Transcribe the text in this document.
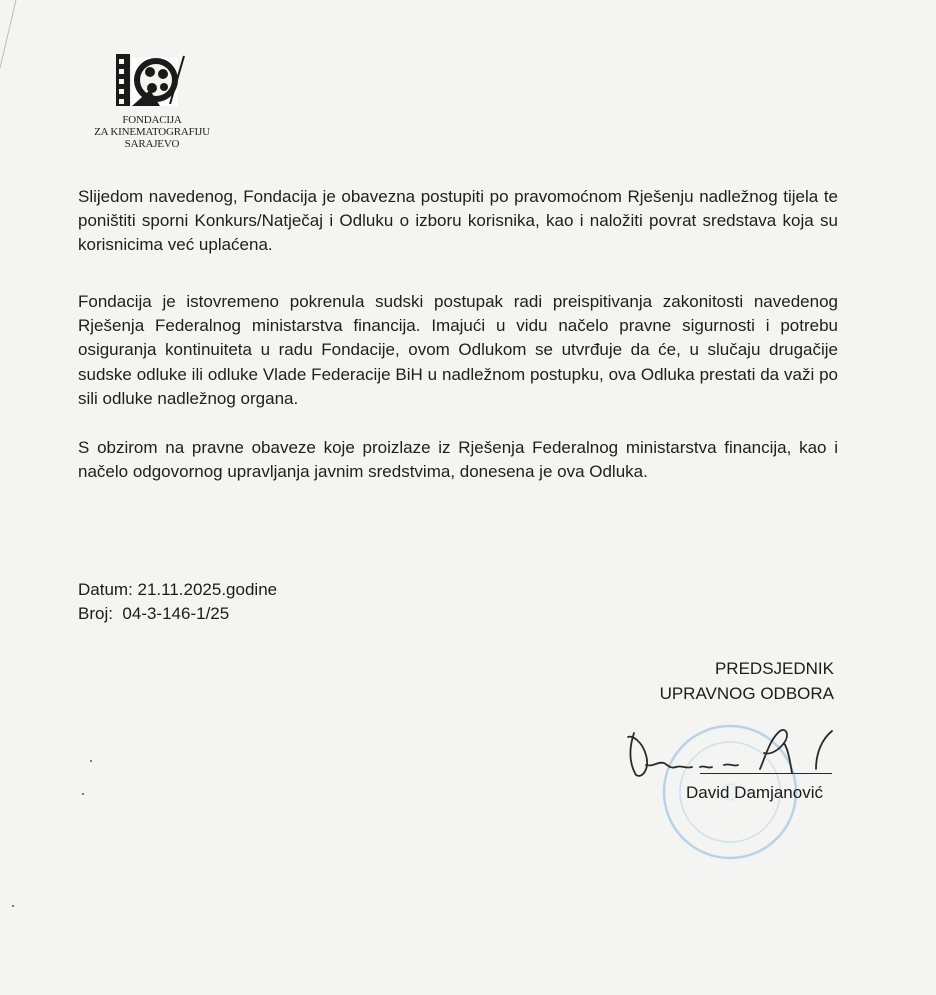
FONDACIJA
ZA KINEMATOGRAFIJU
SARAJEVO
Slijedom navedenog, Fondacija je obavezna postupiti po pravomoćnom Rješenju nadležnog tijela te poništiti sporni Konkurs/Natječaj i Odluku o izboru korisnika, kao i naložiti povrat sredstava koja su korisnicima već uplaćena.
Fondacija je istovremeno pokrenula sudski postupak radi preispitivanja zakonitosti navedenog Rješenja Federalnog ministarstva financija. Imajući u vidu načelo pravne sigurnosti i potrebu osiguranja kontinuiteta u radu Fondacije, ovom Odlukom se utvrđuje da će, u slučaju drugačije sudske odluke ili odluke Vlade Federacije BiH u nadležnom postupku, ova Odluka prestati da važi po sili odluke nadležnog organa.
S obzirom na pravne obaveze koje proizlaze iz Rješenja Federalnog ministarstva financija, kao i načelo odgovornog upravljanja javnim sredstvima, donesena je ova Odluka.
Datum: 21.11.2025.godine
Broj:  04-3-146-1/25
PREDSJEDNIK
UPRAVNOG ODBORA
David Damjanović
